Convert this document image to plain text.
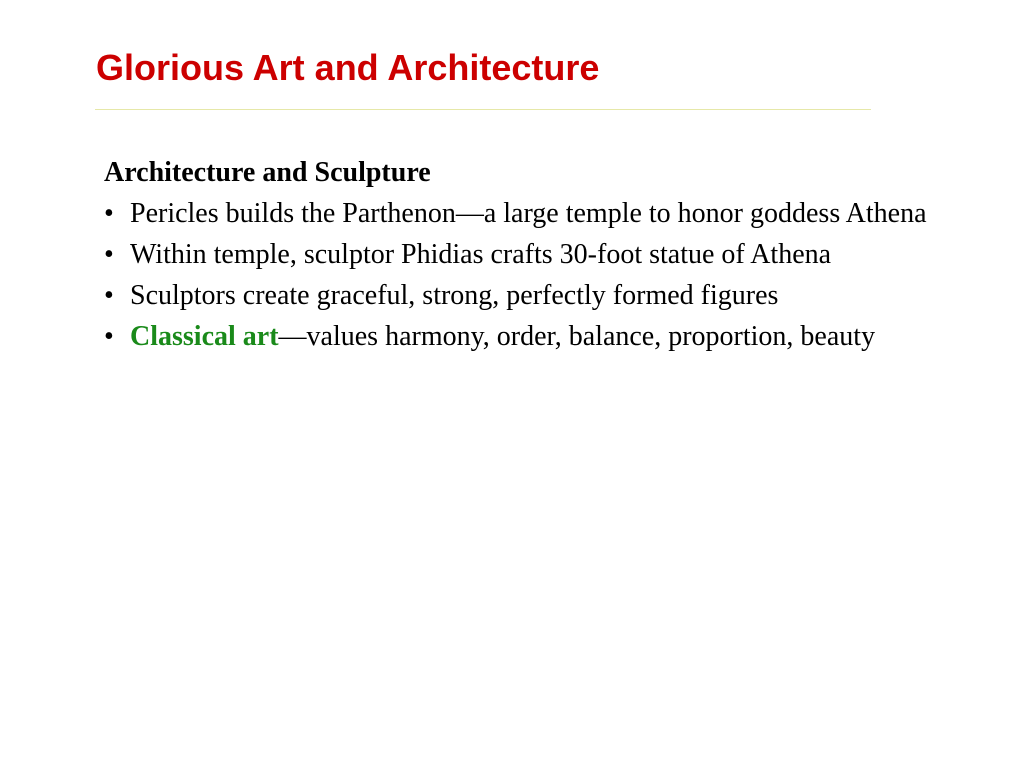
Glorious Art and Architecture

Architecture and Sculpture

• Pericles builds the Parthenon—a large temple to honor goddess Athena
• Within temple, sculptor Phidias crafts 30-foot statue of Athena
• Sculptors create graceful, strong, perfectly formed figures
• Classical art—values harmony, order, balance, proportion, beauty
